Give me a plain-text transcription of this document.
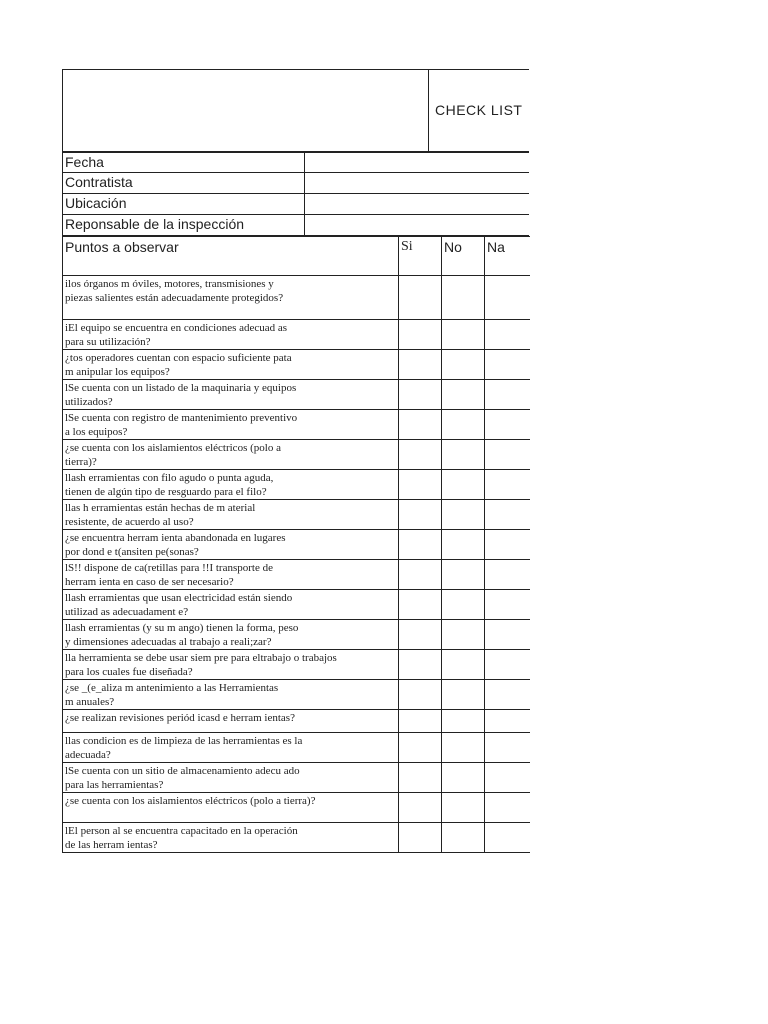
CHECK LIST
Fecha
Contratista
Ubicación
Reponsable de la inspección
Puntos a observar	Si	No	Na
ilos órganos m óviles, motores, transmisiones y
piezas salientes están adecuadamente protegidos?			
iEl equipo se encuentra en condiciones adecuad as
para su utilización?			
¿tos operadores cuentan con espacio suficiente pata
m anipular los equipos?			
lSe cuenta con un listado de la maquinaria y equipos
utilizados?			
lSe cuenta con registro de mantenimiento preventivo
a los equipos?			
¿se cuenta con los aislamientos eléctricos (polo a
tierra)?			
llash erramientas con filo agudo o punta aguda,
tienen de algún tipo de resguardo para el filo?			
llas h erramientas están hechas de m aterial
resistente, de acuerdo al uso?			
¿se encuentra herram ienta abandonada en lugares
por dond e t(ansiten pe(sonas?			
lS!! dispone de ca(retillas para !!I transporte de
herram ienta en caso de ser necesario?			
llash erramientas que usan electricidad están siendo
utilizad as adecuadament e?			
llash erramientas (y su m ango) tienen la forma, peso
y dimensiones adecuadas al trabajo a reali;zar?			
lla herramienta se debe usar siem pre para eltrabajo o trabajos
para los cuales fue diseñada?			
¿se _(e_aliza m antenimiento a las Herramientas
m anuales?			
¿se realizan revisiones periód icasd e herram ientas?			
llas condicion es de limpieza de las herramientas es la
adecuada?			
lSe cuenta con un sitio de almacenamiento adecu ado
para las herramientas?			
¿se cuenta con los aislamientos eléctricos (polo a tierra)?			
lEl person al se encuentra capacitado en la operación
de las herram ientas?			
